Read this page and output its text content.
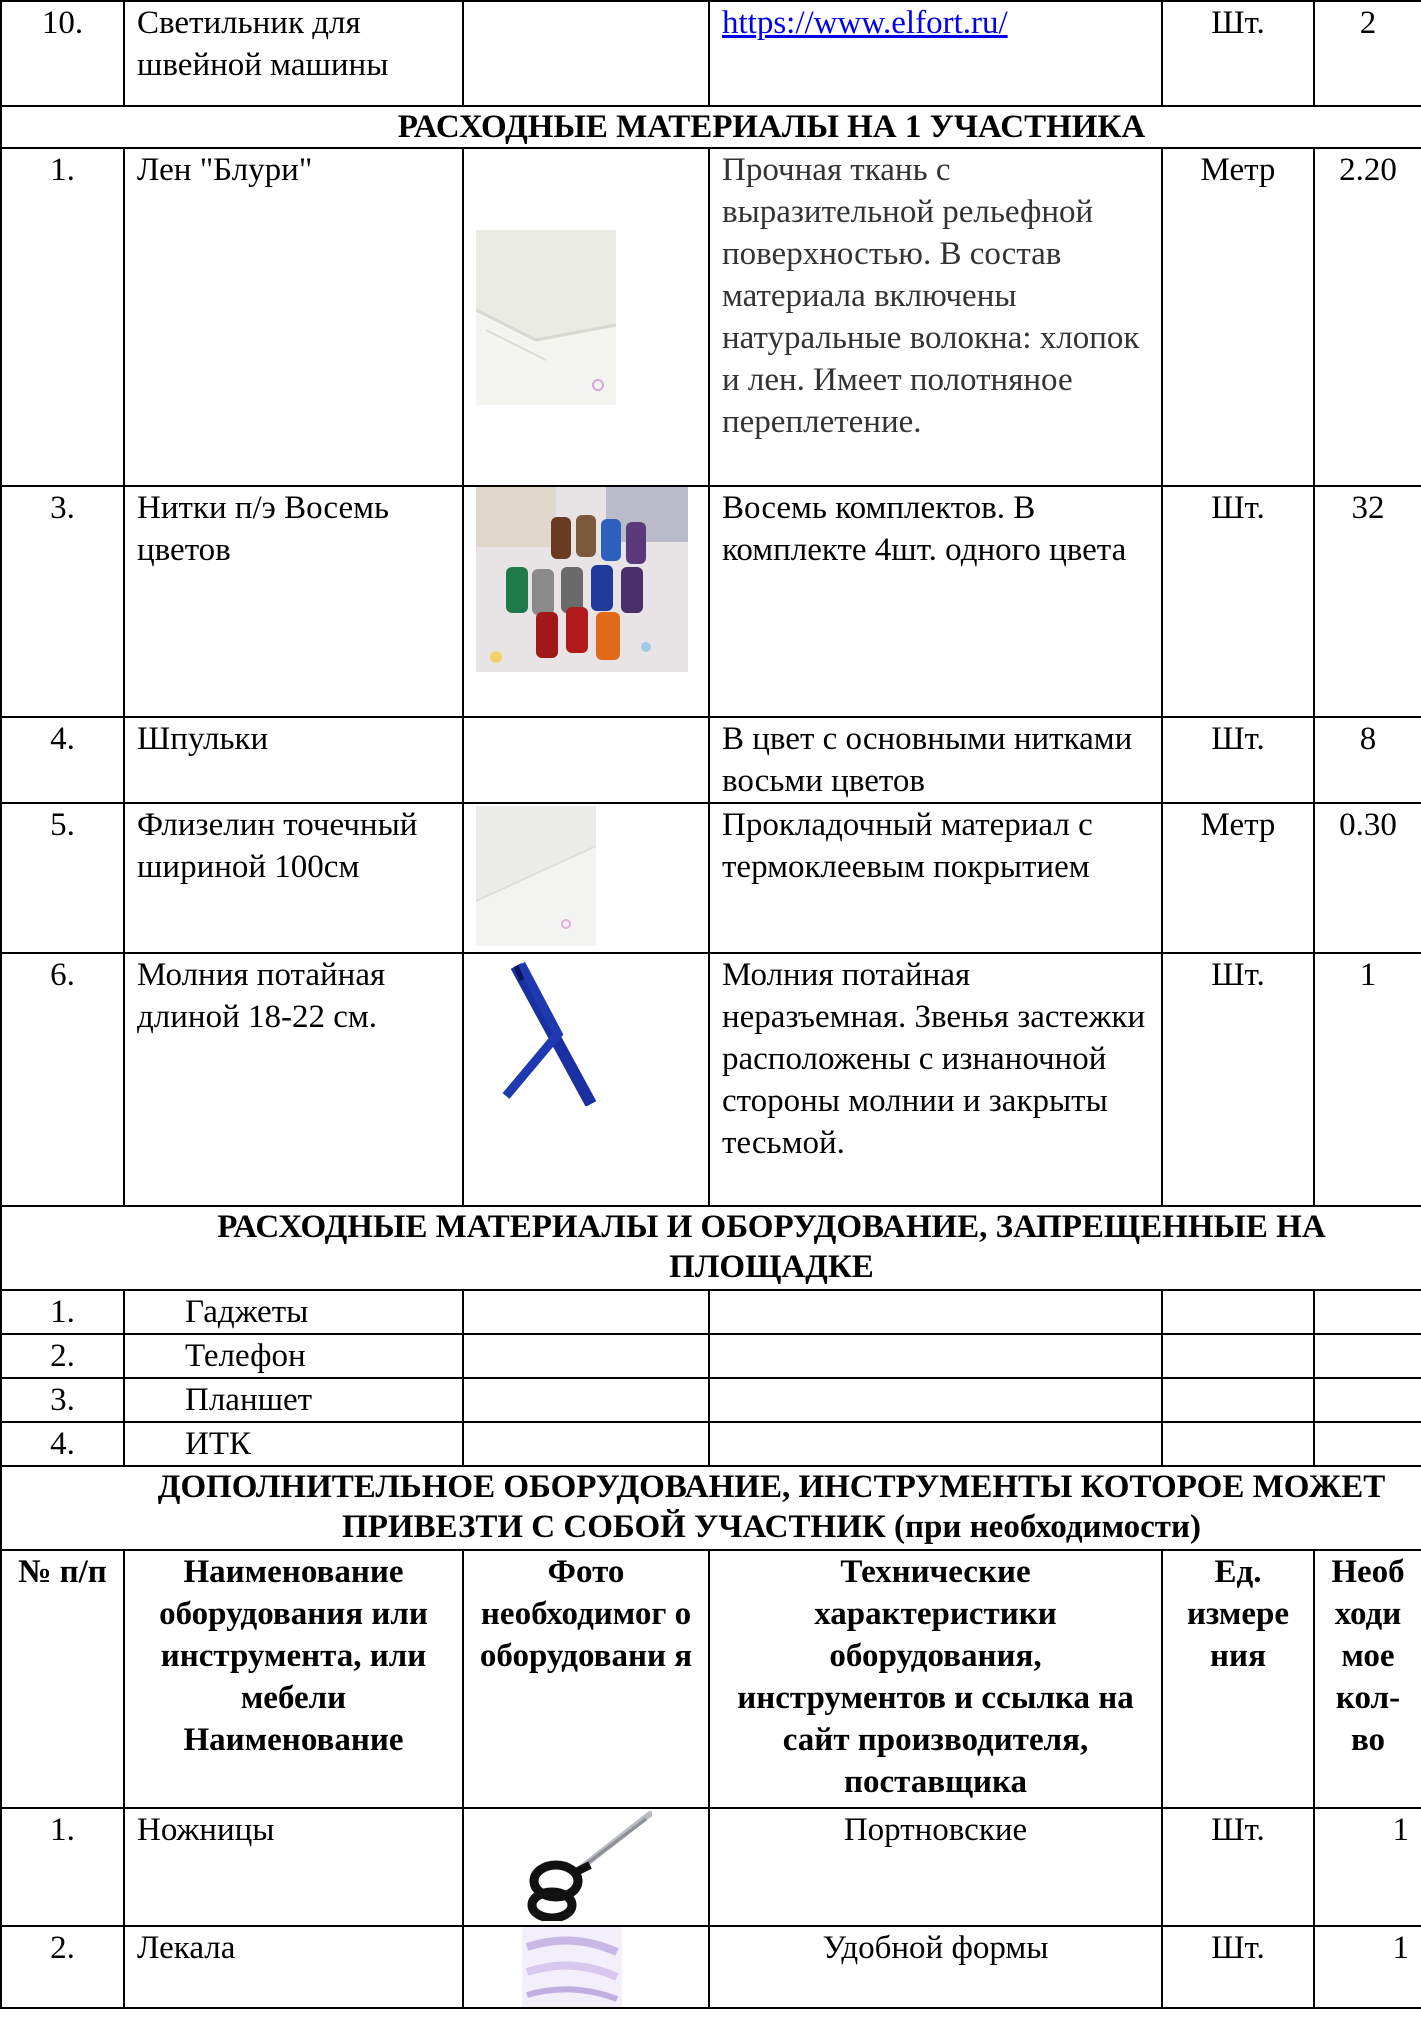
10.	Светильник для швейной машины		https://www.elfort.ru/	Шт.	2
РАСХОДНЫЕ МАТЕРИАЛЫ НА 1 УЧАСТНИКА					
1.	Лен "Блури"		Прочная ткань с выразительной рельефной поверхностью. В состав материала включены натуральные волокна: хлопок и лен. Имеет полотняное переплетение.	Метр	2.20
3.	Нитки п/э Восемь цветов		Восемь комплектов. В комплекте 4шт. одного цвета	Шт.	32
4.	Шпульки		В цвет с основными нитками восьми цветов	Шт.	8
5.	Флизелин точечный шириной 100см		Прокладочный материал с термоклеевым покрытием	Метр	0.30
6.	Молния потайная длиной 18-22 см.		Молния потайная неразъемная. Звенья застежки расположены с изнаночной стороны молнии и закрыты тесьмой.	Шт.	1
РАСХОДНЫЕ МАТЕРИАЛЫ И ОБОРУДОВАНИЕ, ЗАПРЕЩЕННЫЕ НА ПЛОЩАДКЕ					
1.	Гаджеты				
2.	Телефон				
3.	Планшет				
4.	ИТК				
ДОПОЛНИТЕЛЬНОЕ ОБОРУДОВАНИЕ, ИНСТРУМЕНТЫ КОТОРОЕ МОЖЕТ ПРИВЕЗТИ С СОБОЙ УЧАСТНИК (при необходимости)					
№ п/п	Наименование оборудования или инструмента, или мебели Наименование	Фото необходимог о оборудовани я	Технические характеристики оборудования, инструментов и ссылка на сайт производителя, поставщика	Ед. измере ния	Необ ходи мое кол-во
1.	Ножницы		Портновские	Шт.	1
2.	Лекала		Удобной формы	Шт.	1
